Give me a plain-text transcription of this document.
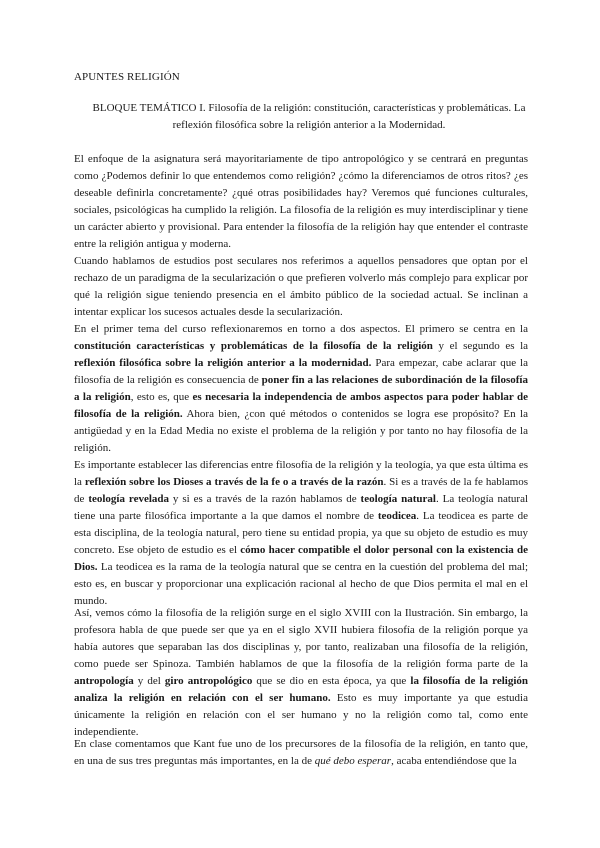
APUNTES RELIGIÓN

BLOQUE TEMÁTICO I. Filosofía de la religión: constitución, características y problemáticas. La reflexión filosófica sobre la religión anterior a la Modernidad.

El enfoque de la asignatura será mayoritariamente de tipo antropológico y se centrará en preguntas como ¿Podemos definir lo que entendemos como religión? ¿cómo la diferenciamos de otros ritos? ¿es deseable definirla concretamente? ¿qué otras posibilidades hay? Veremos qué funciones culturales, sociales, psicológicas ha cumplido la religión. La filosofía de la religión es muy interdisciplinar y tiene un carácter abierto y provisional. Para entender la filosofía de la religión hay que entender el contraste entre la religión antigua y moderna.

Cuando hablamos de estudios post seculares nos referimos a aquellos pensadores que optan por el rechazo de un paradigma de la secularización o que prefieren volverlo más complejo para explicar por qué la religión sigue teniendo presencia en el ámbito público de la sociedad actual. Se inclinan a intentar explicar los sucesos actuales desde la secularización.

En el primer tema del curso reflexionaremos en torno a dos aspectos. El primero se centra en la constitución características y problemáticas de la filosofía de la religión y el segundo es la reflexión filosófica sobre la religión anterior a la modernidad. Para empezar, cabe aclarar que la filosofía de la religión es consecuencia de poner fin a las relaciones de subordinación de la filosofía a la religión, esto es, que es necesaria la independencia de ambos aspectos para poder hablar de filosofía de la religión. Ahora bien, ¿con qué métodos o contenidos se logra ese propósito? En la antigüedad y en la Edad Media no existe el problema de la religión y por tanto no hay filosofía de la religión.

Es importante establecer las diferencias entre filosofía de la religión y la teología, ya que esta última es la reflexión sobre los Dioses a través de la fe o a través de la razón. Si es a través de la fe hablamos de teología revelada y si es a través de la razón hablamos de teología natural. La teología natural tiene una parte filosófica importante a la que damos el nombre de teodicea. La teodicea es parte de esta disciplina, de la teología natural, pero tiene su entidad propia, ya que su objeto de estudio es muy concreto. Ese objeto de estudio es el cómo hacer compatible el dolor personal con la existencia de Dios. La teodicea es la rama de la teología natural que se centra en la cuestión del problema del mal; esto es, en buscar y proporcionar una explicación racional al hecho de que Dios permita el mal en el mundo.

Así, vemos cómo la filosofía de la religión surge en el siglo XVIII con la Ilustración. Sin embargo, la profesora habla de que puede ser que ya en el siglo XVII hubiera filosofía de la religión porque ya había autores que separaban las dos disciplinas y, por tanto, realizaban una filosofía de la religión, como puede ser Spinoza. También hablamos de que la filosofía de la religión forma parte de la antropología y del giro antropológico que se dio en esta época, ya que la filosofía de la religión analiza la religión en relación con el ser humano. Esto es muy importante ya que estudia únicamente la religión en relación con el ser humano y no la religión como tal, como ente independiente.

En clase comentamos que Kant fue uno de los precursores de la filosofía de la religión, en tanto que, en una de sus tres preguntas más importantes, en la de qué debo esperar, acaba entendiéndose que la
